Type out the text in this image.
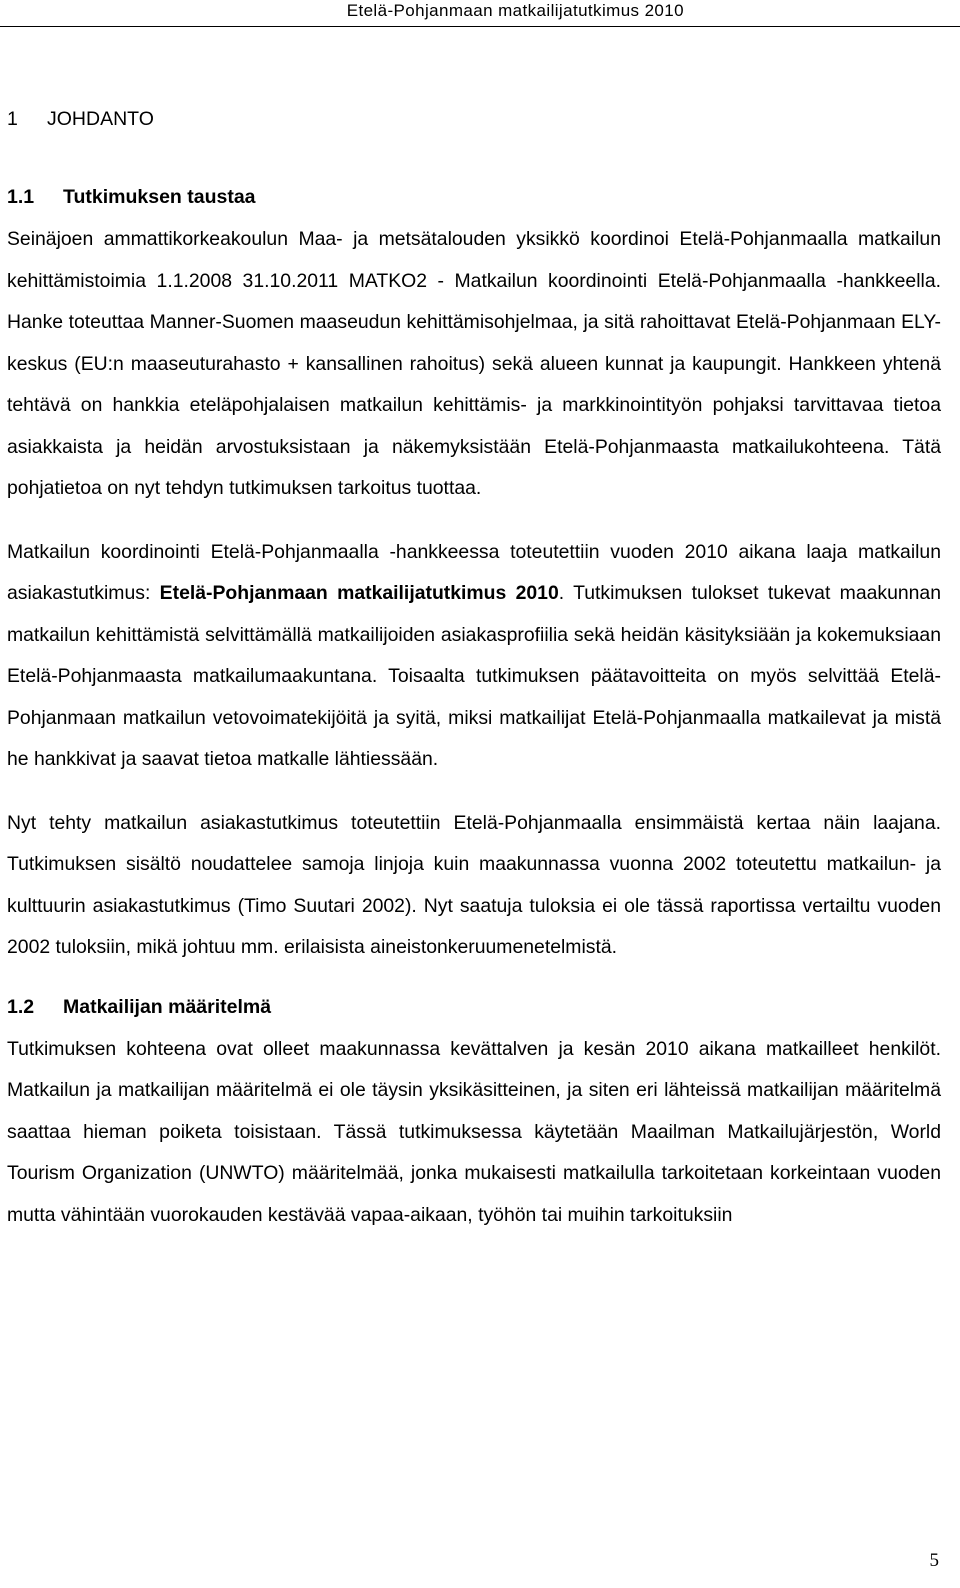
Etelä-Pohjanmaan matkailijatutkimus 2010
1 JOHDANTO
1.1 Tutkimuksen taustaa

Seinäjoen ammattikorkeakoulun Maa- ja metsätalouden yksikkö koordinoi Etelä-Pohjanmaalla matkailun kehittämistoimia 1.1.2008 31.10.2011 MATKO2 - Matkailun koordinointi Etelä-Pohjanmaalla -hankkeella. Hanke toteuttaa Manner-Suomen maaseudun kehittämisohjelmaa, ja sitä rahoittavat Etelä-Pohjanmaan ELY-keskus (EU:n maaseuturahasto + kansallinen rahoitus) sekä alueen kunnat ja kaupungit. Hankkeen yhtenä tehtävä on hankkia eteläpohjalaisen matkailun kehittämis- ja markkinointityön pohjaksi tarvittavaa tietoa asiakkaista ja heidän arvostuksistaan ja näkemyksistään Etelä-Pohjanmaasta matkailukohteena. Tätä pohjatietoa on nyt tehdyn tutkimuksen tarkoitus tuottaa.

Matkailun koordinointi Etelä-Pohjanmaalla -hankkeessa toteutettiin vuoden 2010 aikana laaja matkailun asiakastutkimus: Etelä-Pohjanmaan matkailijatutkimus 2010. Tutkimuksen tulokset tukevat maakunnan matkailun kehittämistä selvittämällä matkailijoiden asiakasprofiilia sekä heidän käsityksiään ja kokemuksiaan Etelä-Pohjanmaasta matkailumaakuntana. Toisaalta tutkimuksen päätavoitteita on myös selvittää Etelä-Pohjanmaan matkailun vetovoimatekijöitä ja syitä, miksi matkailijat Etelä-Pohjanmaalla matkailevat ja mistä he hankkivat ja saavat tietoa matkalle lähtiessään.

Nyt tehty matkailun asiakastutkimus toteutettiin Etelä-Pohjanmaalla ensimmäistä kertaa näin laajana. Tutkimuksen sisältö noudattelee samoja linjoja kuin maakunnassa vuonna 2002 toteutettu matkailun- ja kulttuurin asiakastutkimus (Timo Suutari 2002). Nyt saatuja tuloksia ei ole tässä raportissa vertailtu vuoden 2002 tuloksiin, mikä johtuu mm. erilaisista aineistonkeruumenetelmistä.

1.2 Matkailijan määritelmä

Tutkimuksen kohteena ovat olleet maakunnassa kevättalven ja kesän 2010 aikana matkailleet henkilöt. Matkailun ja matkailijan määritelmä ei ole täysin yksikäsitteinen, ja siten eri lähteissä matkailijan määritelmä saattaa hieman poiketa toisistaan. Tässä tutkimuksessa käytetään Maailman Matkailujärjestön, World Tourism Organization (UNWTO) määritelmää, jonka mukaisesti matkailulla tarkoitetaan korkeintaan vuoden mutta vähintään vuorokauden kestävää vapaa-aikaan, työhön tai muihin tarkoituksiin

5
